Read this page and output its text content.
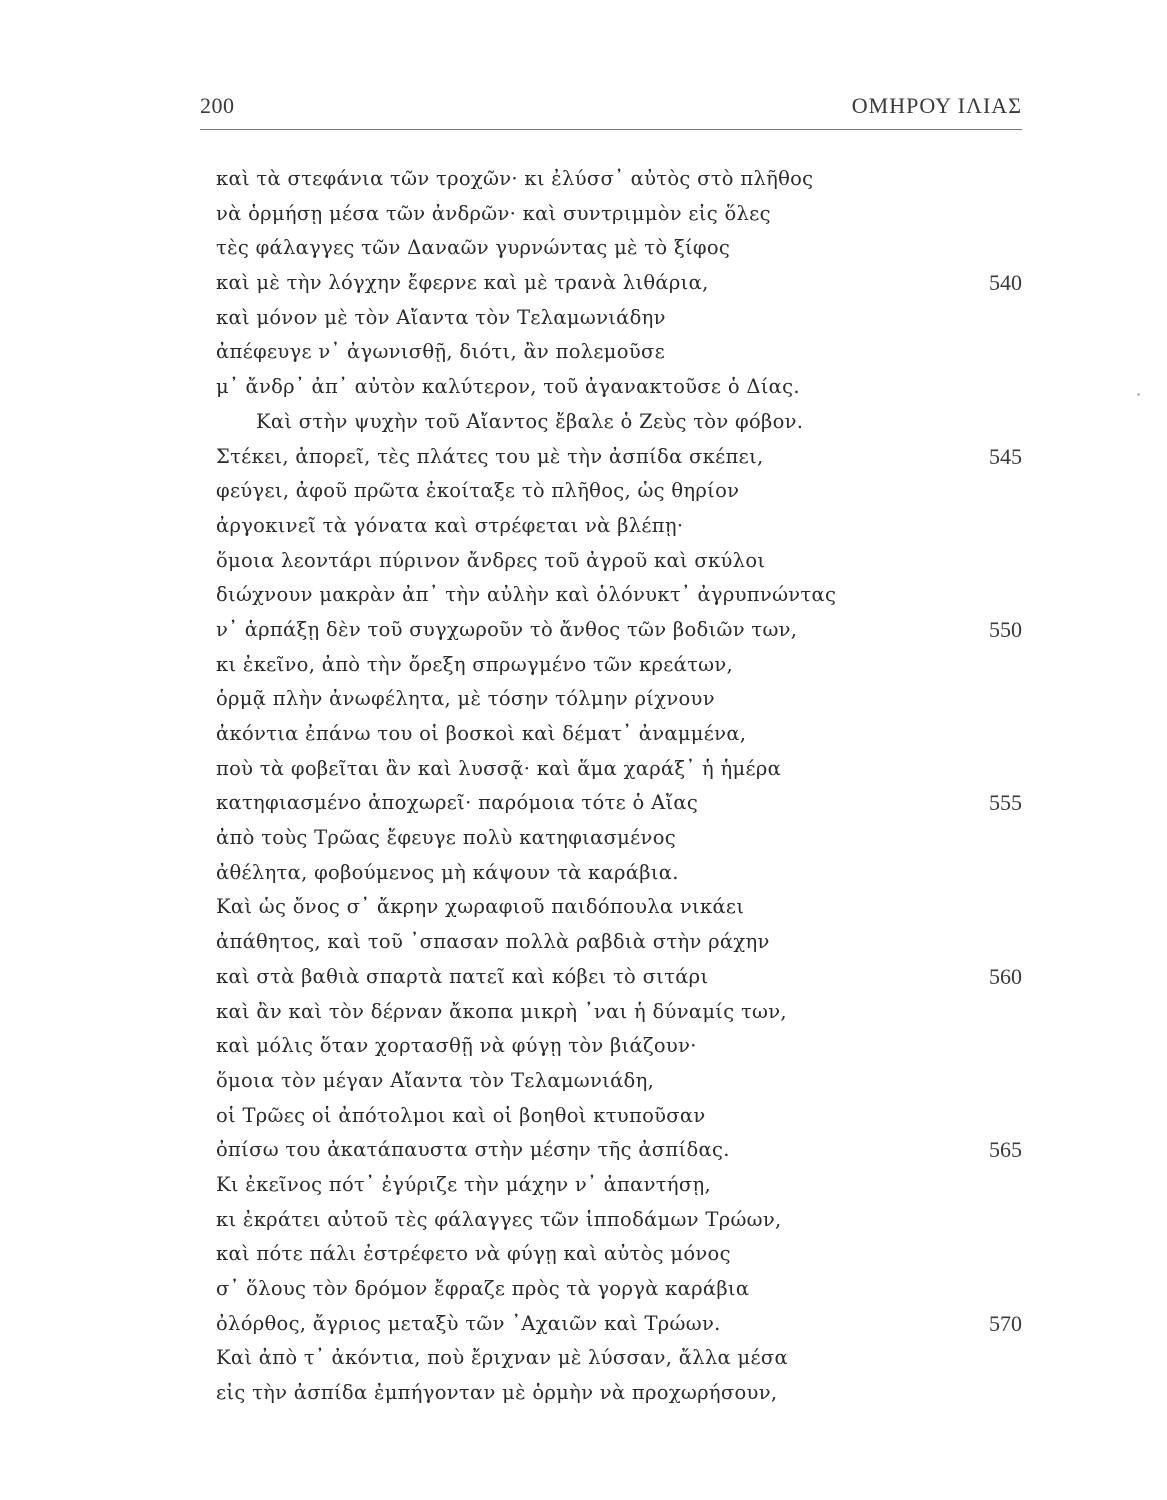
200	ΟΜΗΡΟΥ ΙΛΙΑΣ
καὶ τὰ στεφάνια τῶν τροχῶν· κι ἐλύσσ᾽ αὐτὸς στὸ πλῆθος
νὰ ὁρμήσῃ μέσα τῶν ἀνδρῶν· καὶ συντριμμὸν εἰς ὅλες
τὲς φάλαγγες τῶν Δαναῶν γυρνώντας μὲ τὸ ξίφος
καὶ μὲ τὴν λόγχην ἔφερνε καὶ μὲ τρανὰ λιθάρια,	540
καὶ μόνον μὲ τὸν Αἴαντα τὸν Τελαμωνιάδην
ἀπέφευγε ν᾽ ἀγωνισθῇ, διότι, ἂν πολεμοῦσε
μ᾽ ἄνδρ᾽ ἀπ᾽ αὐτὸν καλύτερον, τοῦ ἀγανακτοῦσε ὁ Δίας.
Καὶ στὴν ψυχὴν τοῦ Αἴαντος ἔβαλε ὁ Ζεὺς τὸν φόβον.
Στέκει, ἀπορεῖ, τὲς πλάτες του μὲ τὴν ἀσπίδα σκέπει,	545
φεύγει, ἀφοῦ πρῶτα ἐκοίταξε τὸ πλῆθος, ὡς θηρίον
ἀργοκινεῖ τὰ γόνατα καὶ στρέφεται νὰ βλέπῃ·
ὅμοια λεοντάρι πύρινον ἄνδρες τοῦ ἀγροῦ καὶ σκύλοι
διώχνουν μακρὰν ἀπ᾽ τὴν αὐλὴν καὶ ὁλόνυκτ᾽ ἀγρυπνώντας
ν᾽ ἁρπάξῃ δὲν τοῦ συγχωροῦν τὸ ἄνθος τῶν βοδιῶν των,	550
κι ἐκεῖνο, ἀπὸ τὴν ὄρεξη σπρωγμένο τῶν κρεάτων,
ὁρμᾷ πλὴν ἀνωφέλητα, μὲ τόσην τόλμην ρίχνουν
ἀκόντια ἐπάνω του οἱ βοσκοὶ καὶ δέματ᾽ ἀναμμένα,
ποὺ τὰ φοβεῖται ἂν καὶ λυσσᾷ· καὶ ἅμα χαράξ᾽ ἡ ἡμέρα
κατηφιασμένο ἀποχωρεῖ· παρόμοια τότε ὁ Αἴας	555
ἀπὸ τοὺς Τρῶας ἔφευγε πολὺ κατηφιασμένος
ἀθέλητα, φοβούμενος μὴ κάψουν τὰ καράβια.
Καὶ ὡς ὄνος σ᾽ ἄκρην χωραφιοῦ παιδόπουλα νικάει
ἀπάθητος, καὶ τοῦ ᾽σπασαν πολλὰ ραβδιὰ στὴν ράχην
καὶ στὰ βαθιὰ σπαρτὰ πατεῖ καὶ κόβει τὸ σιτάρι	560
καὶ ἂν καὶ τὸν δέρναν ἄκοπα μικρὴ ᾽ναι ἡ δύναμίς των,
καὶ μόλις ὅταν χορτασθῇ νὰ φύγῃ τὸν βιάζουν·
ὅμοια τὸν μέγαν Αἴαντα τὸν Τελαμωνιάδη,
οἱ Τρῶες οἱ ἀπότολμοι καὶ οἱ βοηθοὶ κτυποῦσαν
ὀπίσω του ἀκατάπαυστα στὴν μέσην τῆς ἀσπίδας.	565
Κι ἐκεῖνος πότ᾽ ἐγύριζε τὴν μάχην ν᾽ ἀπαντήσῃ,
κι ἐκράτει αὐτοῦ τὲς φάλαγγες τῶν ἱπποδάμων Τρώων,
καὶ πότε πάλι ἐστρέφετο νὰ φύγῃ καὶ αὐτὸς μόνος
σ᾽ ὅλους τὸν δρόμον ἔφραζε πρὸς τὰ γοργὰ καράβια
ὀλόρθος, ἄγριος μεταξὺ τῶν ᾽Αχαιῶν καὶ Τρώων.	570
Καὶ ἀπὸ τ᾽ ἀκόντια, ποὺ ἔριχναν μὲ λύσσαν, ἄλλα μέσα
εἰς τὴν ἀσπίδα ἐμπήγονταν μὲ ὁρμὴν νὰ προχωρήσουν,
